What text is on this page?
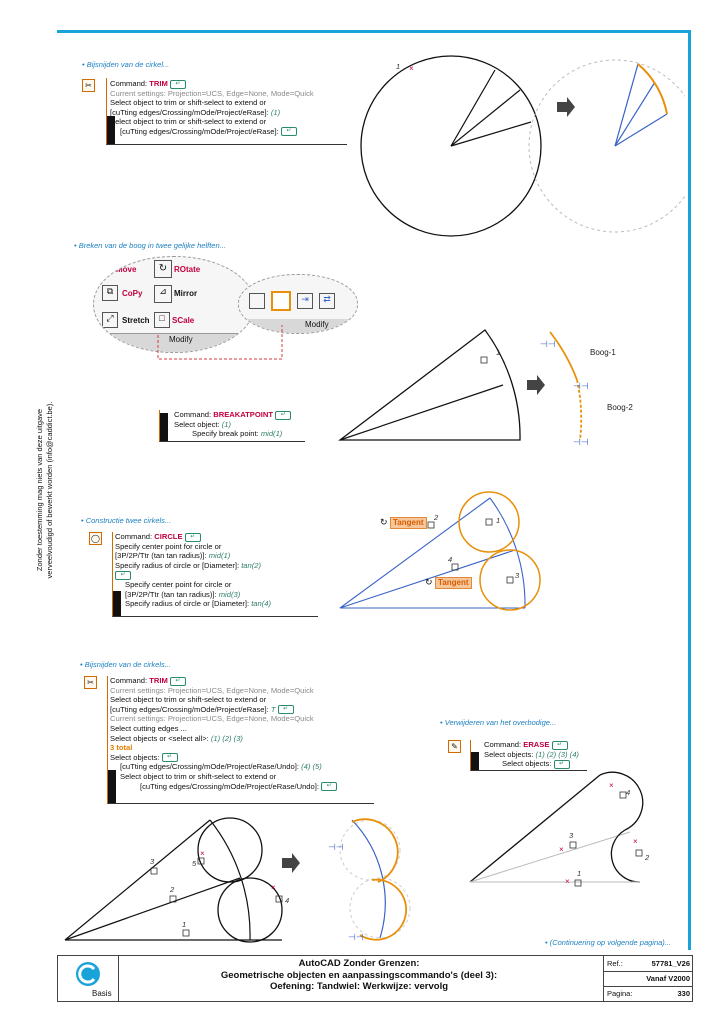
Zonder toestemming mag niets van deze uitgave verveelvoudigd of bewerkt worden (info@caddict.be).
• Bijsnijden van de cirkel...
✂	Command: TRIM ↵
Current settings: Projection=UCS, Edge=None, Mode=Quick
Select object to trim or shift-select to extend or
[cuTting edges/Crossing/mOde/Project/eRase]: (1)
Select object to trim or shift-select to extend or
[cuTting edges/Crossing/mOde/Project/eRase]: ↵
1 ×
• Breken van de boog in twee gelijke helften...
Move	↻ ROtate
⧉	CoPy	⊿ Mirror
⤢	Stretch	□ SCale
Modify
⇥	⇄
Modify
Command: BREAKATPOINT ↵
Select object: (1)
Specify break point: mid(1)
1	Boog-1
Boog-2
⊣⊣
⊣⊣
⊣⊣
• Constructie twee cirkels...
◯ Command: CIRCLE ↵
Specify center point for circle or
[3P/2P/Ttr (tan tan radius)]: mid(1)
Specify radius of circle or [Diameter]: tan(2)
↵
Specify center point for circle or
[3P/2P/Ttr (tan tan radius)]: mid(3)
Specify radius of circle or [Diameter]: tan(4)
1
2
3
4
↻ Tangent
↻ Tangent
• Bijsnijden van de cirkels...
✂	Command: TRIM ↵
Current settings: Projection=UCS, Edge=None, Mode=Quick
Select object to trim or shift-select to extend or
[cuTting edges/Crossing/mOde/Project/eRase]: T ↵
Current settings: Projection=UCS, Edge=None, Mode=Quick
Select cutting edges ...
Select objects or <select all>: (1) (2) (3)
3 total
Select objects: ↵
[cuTting edges/Crossing/mOde/Project/eRase/Undo]: (4) (5)
Select object to trim or shift-select to extend or
[cuTting edges/Crossing/mOde/Project/eRase/Undo]: ↵
1
2
3
4
5
×
×
⊣⊣
⊣⊣
• Verwijderen van het overbodige...
✎	Command: ERASE ↵
Select objects: (1) (2) (3) (4)
Select objects: ↵
1
2
3
4
×
×
×
×
• (Continuering op volgende pagina)...
Basis
AutoCAD Zonder Grenzen:
Geometrische objecten en aanpassingscommando's (deel 3):
Oefening: Tandwiel: Werkwijze: vervolg
Ref.:	57781_V26
Vanaf V2000
Pagina:	330
